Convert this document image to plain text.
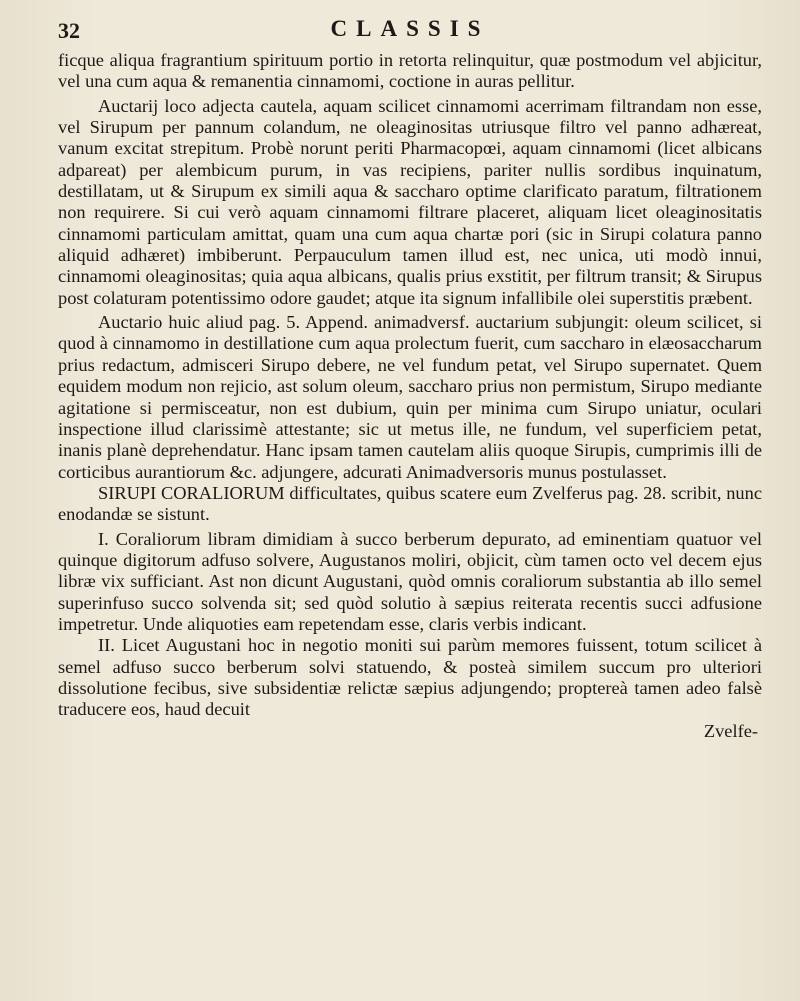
32	CLASSIS

ficque aliqua fragrantium spirituum portio in retorta relinquitur, quæ postmodum vel abjicitur, vel una cum aqua & remanentia cinnamomi, coctione in auras pellitur.

Auctarij loco adjecta cautela, aquam scilicet cinnamomi acerrimam filtrandam non esse, vel Sirupum per pannum colandum, ne oleaginositas utriusque filtro vel panno adhæreat, vanum excitat strepitum. Probè norunt periti Pharmacopœi, aquam cinnamomi (licet albicans adpareat) per alembicum purum, in vas recipiens, pariter nullis sordibus inquinatum, destillatam, ut & Sirupum ex simili aqua & saccharo optime clarificato paratum, filtrationem non requirere. Si cui verò aquam cinnamomi filtrare placeret, aliquam licet oleaginositatis cinnamomi particulam amittat, quam una cum aqua chartæ pori (sic in Sirupi colatura panno aliquid adhæret) imbiberunt. Perpauculum tamen illud est, nec unica, uti modò innui, cinnamomi oleaginositas; quia aqua albicans, qualis prius exstitit, per filtrum transit; & Sirupus post colaturam potentissimo odore gaudet; atque ita signum infallibile olei superstitis præbent.

Auctario huic aliud pag. 5. Append. animadversf. auctarium subjungit: oleum scilicet, si quod à cinnamomo in destillatione cum aqua prolectum fuerit, cum saccharo in elæosaccharum prius redactum, admisceri Sirupo debere, ne vel fundum petat, vel Sirupo supernatet. Quem equidem modum non rejicio, ast solum oleum, saccharo prius non permistum, Sirupo mediante agitatione si permisceatur, non est dubium, quin per minima cum Sirupo uniatur, oculari inspectione illud clarissimè attestante; sic ut metus ille, ne fundum, vel superficiem petat, inanis planè deprehendatur. Hanc ipsam tamen cautelam aliis quoque Sirupis, cumprimis illi de corticibus aurantiorum &c. adjungere, adcurati Animadversoris munus postulasset.

SIRUPI CORALIORUM difficultates, quibus scatere eum Zvelferus pag. 28. scribit, nunc enodandæ se sistunt.

I. Coraliorum libram dimidiam à succo berberum depurato, ad eminentiam quatuor vel quinque digitorum adfuso solvere, Augustanos moliri, objicit, cùm tamen octo vel decem ejus libræ vix sufficiant. Ast non dicunt Augustani, quòd omnis coraliorum substantia ab illo semel superinfuso succo solvenda sit; sed quòd solutio à sæpius reiterata recentis succi adfusione impetretur. Unde aliquoties eam repetendam esse, claris verbis indicant.

II. Licet Augustani hoc in negotio moniti sui parùm memores fuissent, totum scilicet à semel adfuso succo berberum solvi statuendo, & posteà similem succum pro ulteriori dissolutione fecibus, sive subsidentiæ relictæ sæpius adjungendo; proptereà tamen adeo falsè traducere eos, haud decuit

Zvelfe-
